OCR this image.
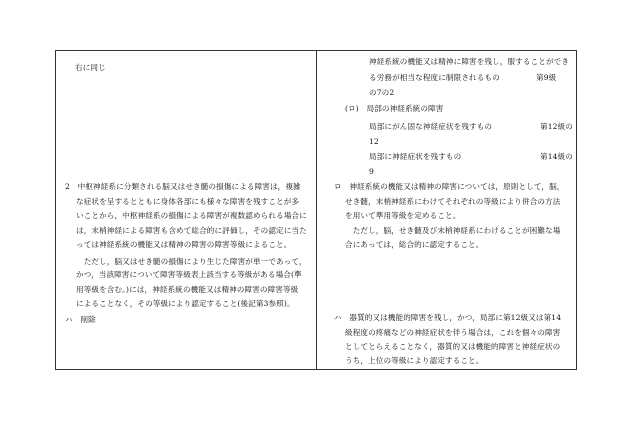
右に同じ
2　中枢神経系に分類される脳又はせき髄の損傷による障害は，複雑
な症状を呈するとともに身体各部にも様々な障害を残すことが多
いことから，中枢神経系の損傷による障害が複数認められる場合に
は，末梢神経による障害も含めて総合的に評価し，その認定に当た
っては神経系統の機能又は精神の障害の障害等級によること。
　ただし，脳又はせき髄の損傷により生じた障害が単一であって，
かつ，当該障害について障害等級表上該当する等級がある場合(準
用等級を含む。)には，神経系統の機能又は精神の障害の障害等級
によることなく，その等級により認定すること(後記第3参照)。
ハ　削除
神経系統の機能又は精神に障害を残し，服することができ
る労務が相当な程度に制限されるもの	第9級
の7の2
(ロ)　局部の神経系統の障害
局部にがん固な神経症状を残すもの	第12級の
12
局部に神経症状を残すもの	第14級の
9
ロ　神経系統の機能又は精神の障害については，原則として，脳，
せき髄，末梢神経系にわけてそれぞれの等級により併合の方法
を用いて準用等級を定めること。
　ただし，脳，せき髄及び末梢神経系にわけることが困難な場
合にあっては，総合的に認定すること。
ハ　器質的又は機能的障害を残し，かつ，局部に第12級又は第14
級程度の疼痛などの神経症状を伴う場合は，これを個々の障害
としてとらえることなく，器質的又は機能的障害と神経症状の
うち，上位の等級により認定すること。
